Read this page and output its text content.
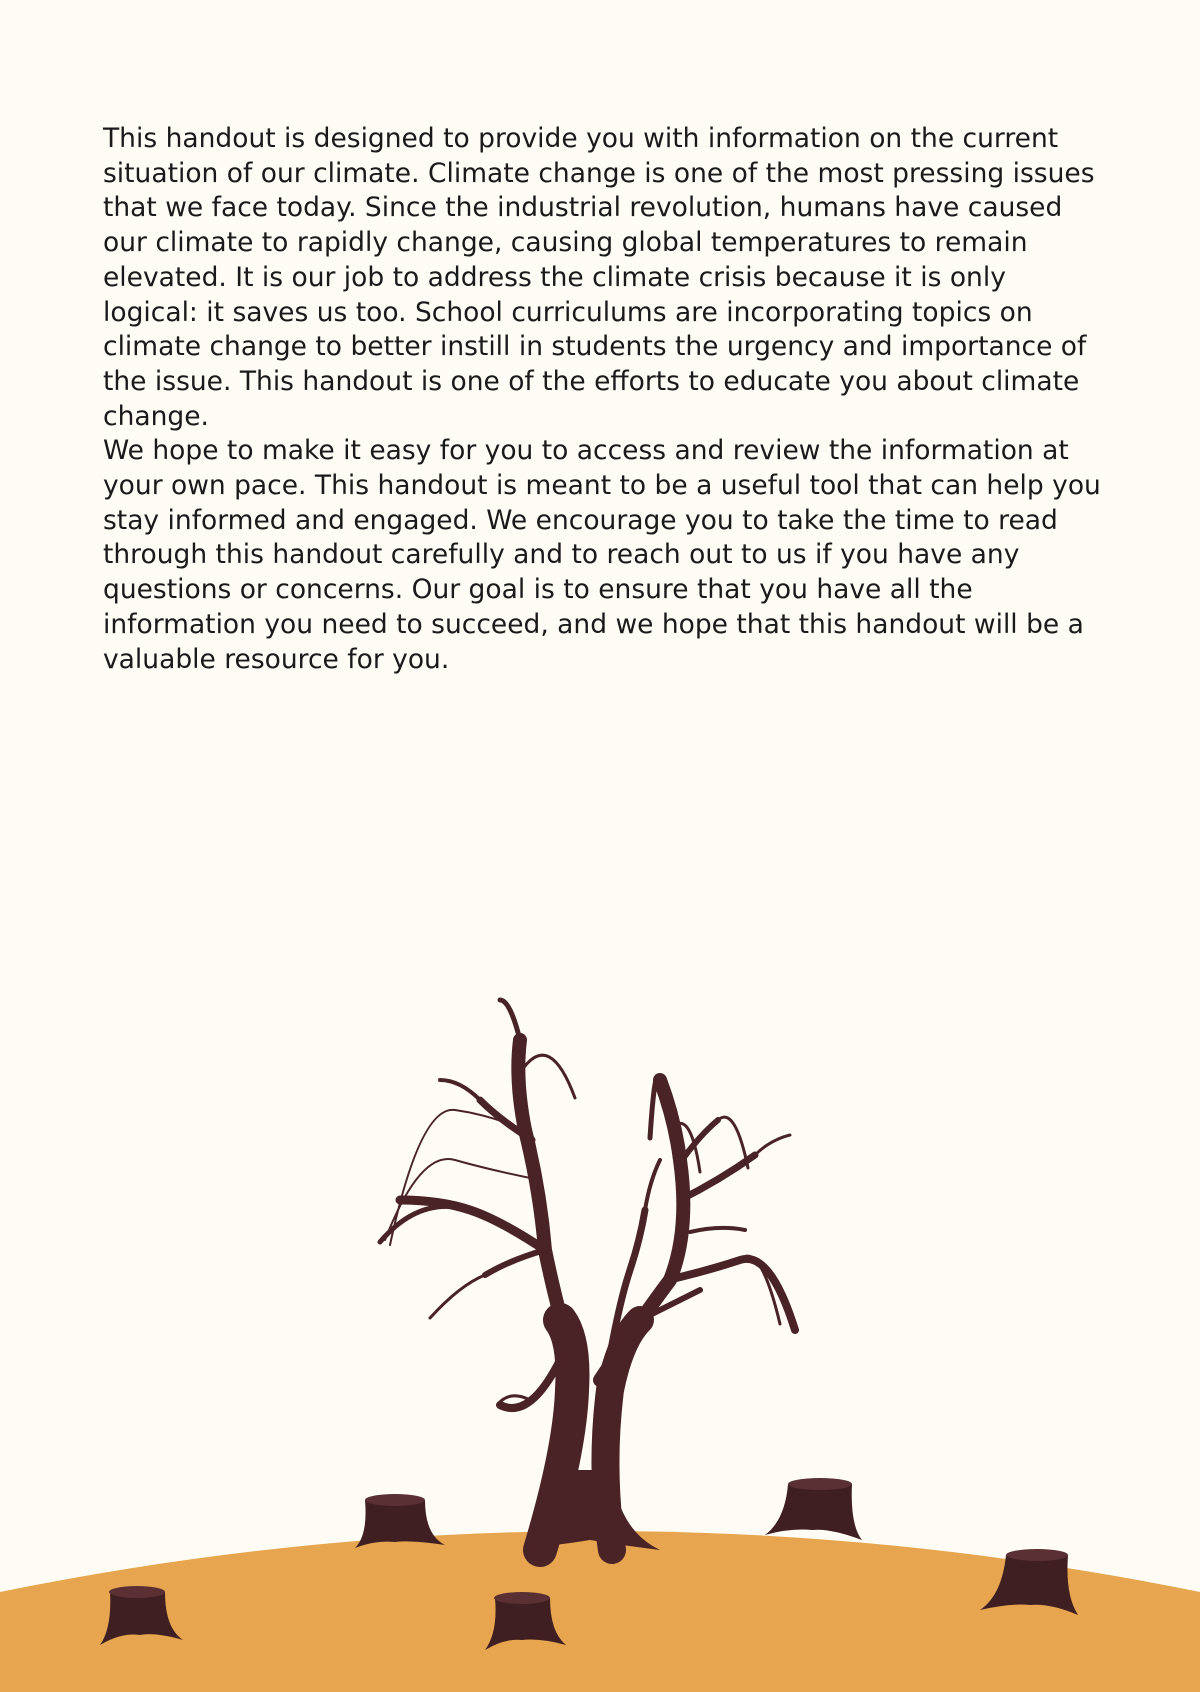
This handout is designed to provide you with information on the current situation of our climate. Climate change is one of the most pressing issues that we face today. Since the industrial revolution, humans have caused our climate to rapidly change, causing global temperatures to remain elevated. It is our job to address the climate crisis because it is only logical: it saves us too. School curriculums are incorporating topics on climate change to better instill in students the urgency and importance of the issue. This handout is one of the efforts to educate you about climate change.

We hope to make it easy for you to access and review the information at your own pace. This handout is meant to be a useful tool that can help you stay informed and engaged. We encourage you to take the time to read through this handout carefully and to reach out to us if you have any questions or concerns. Our goal is to ensure that you have all the information you need to succeed, and we hope that this handout will be a valuable resource for you.
